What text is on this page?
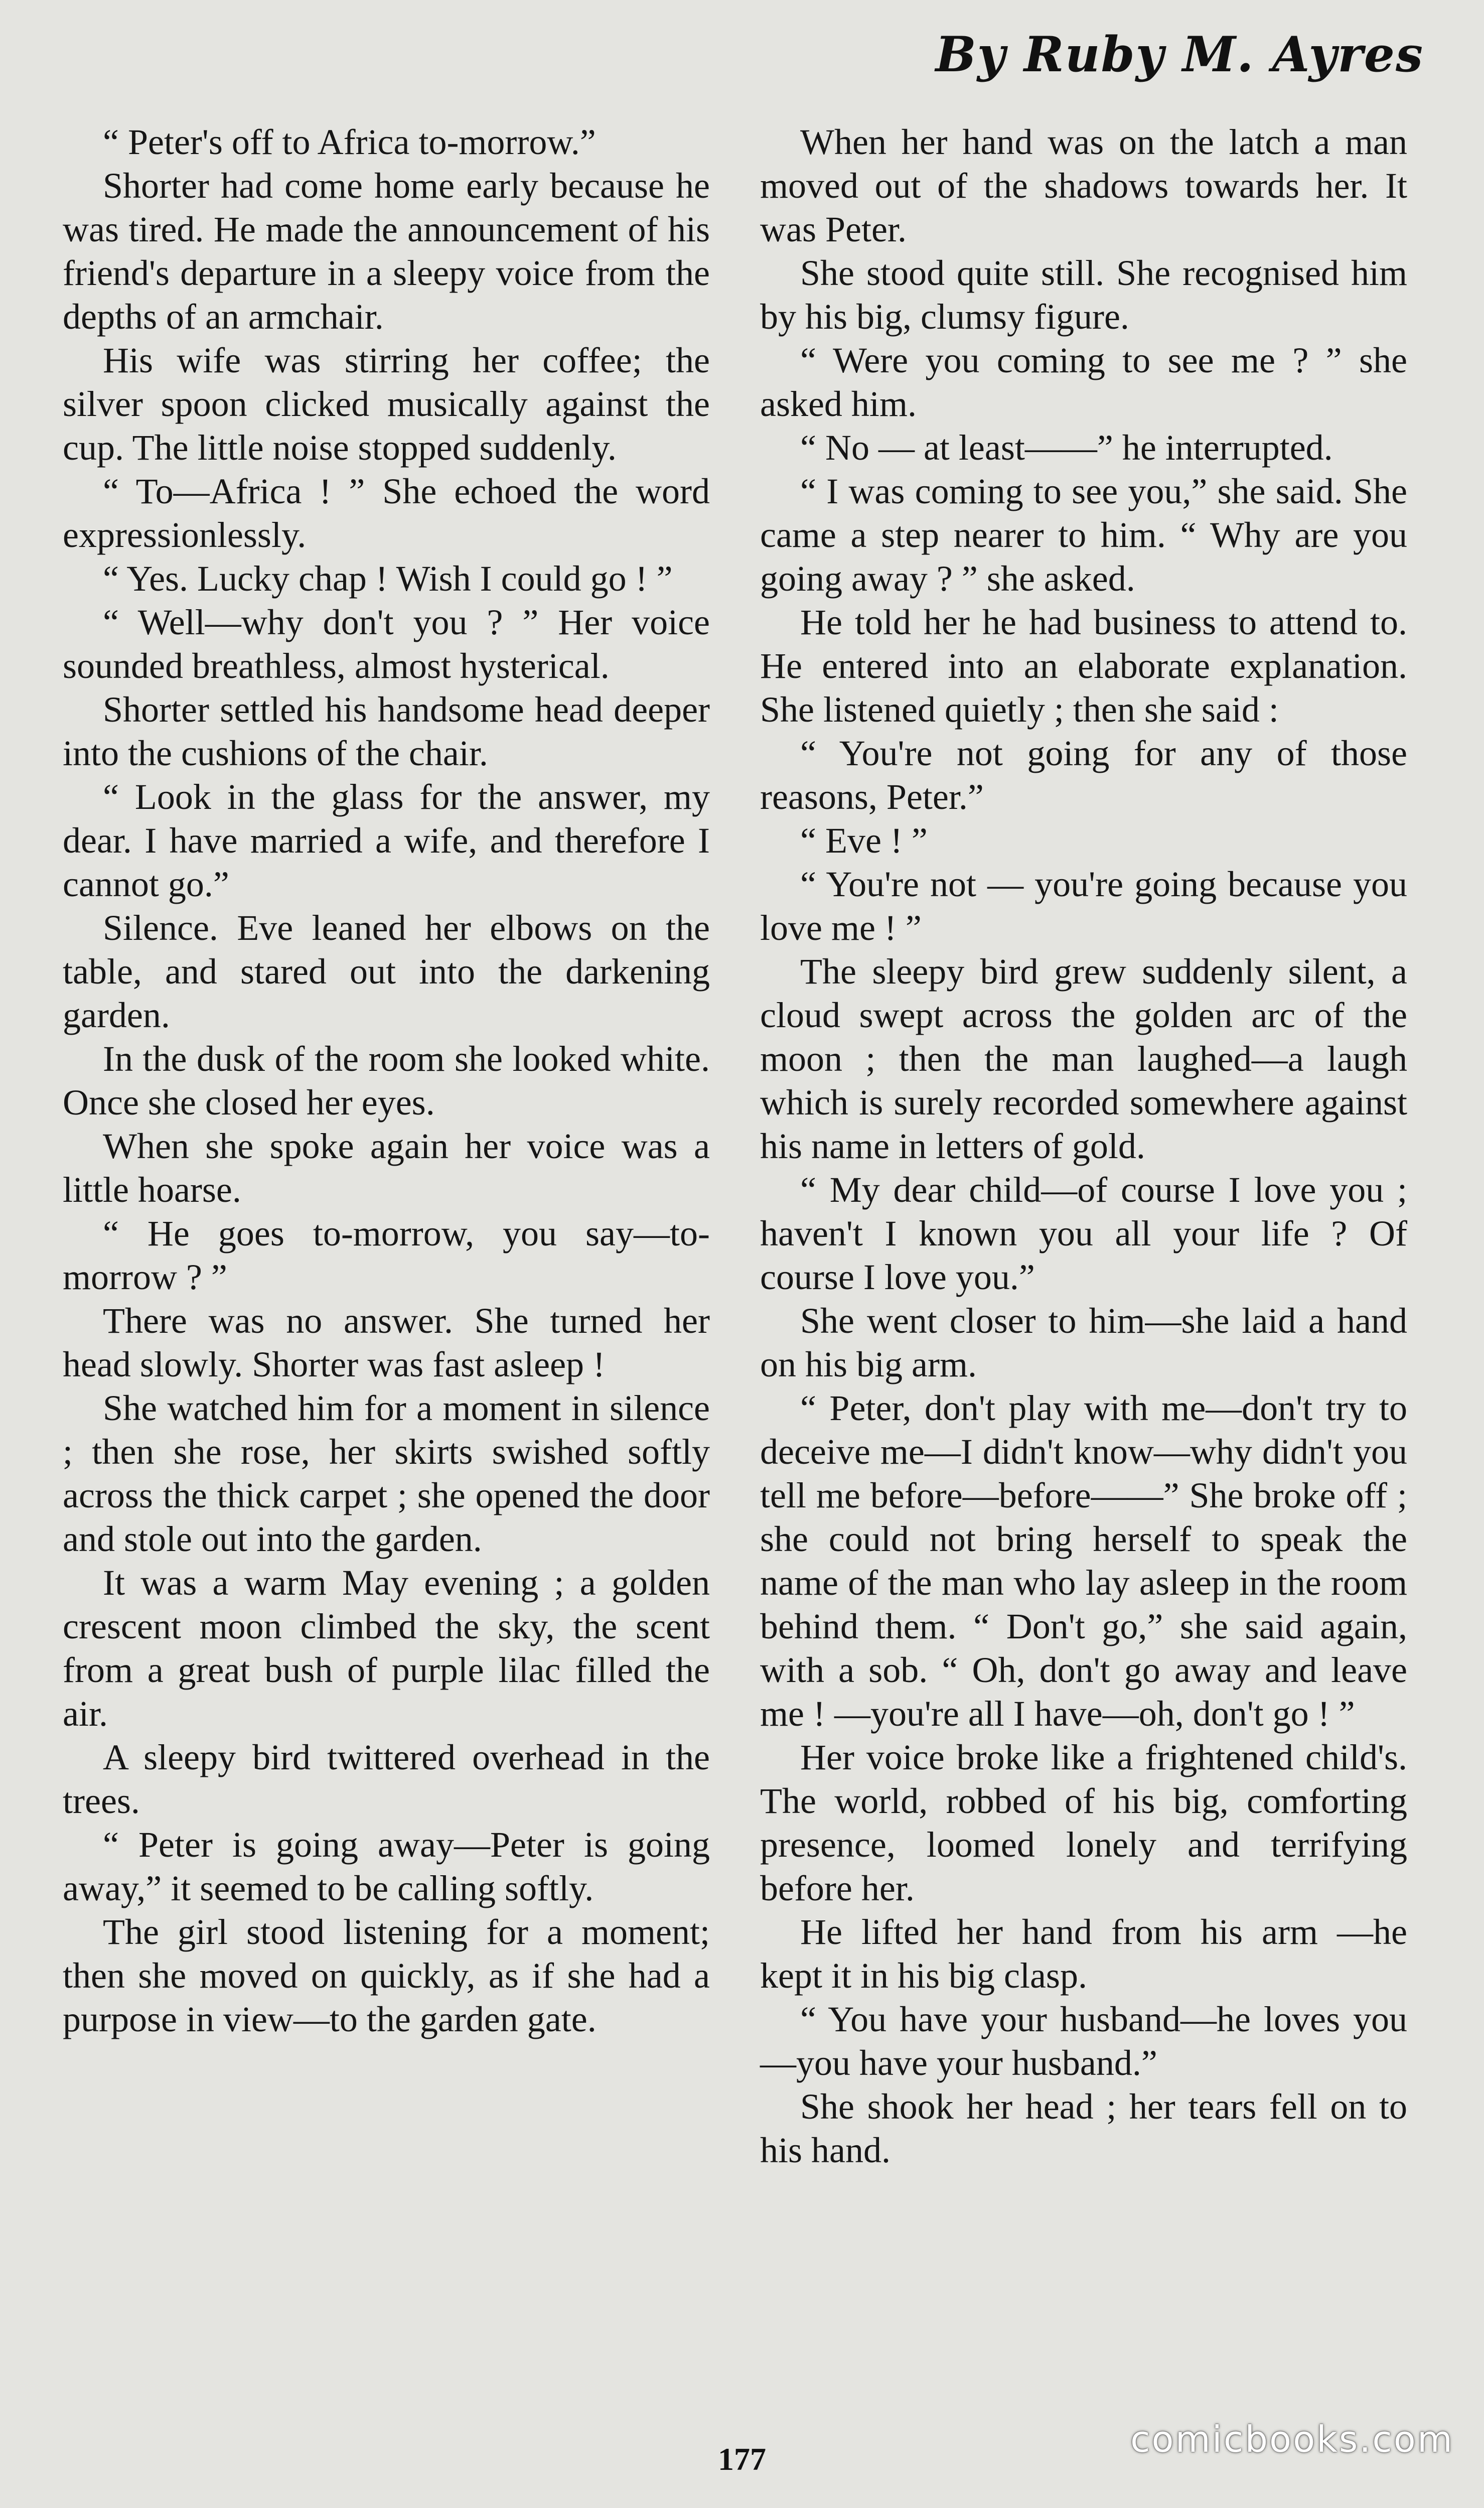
By Ruby M. Ayres

“ Peter's off to Africa to-morrow.”

Shorter had come home early because he was tired. He made the announcement of his friend's departure in a sleepy voice from the depths of an armchair.

His wife was stirring her coffee; the silver spoon clicked musically against the cup. The little noise stopped suddenly.

“ To—Africa ! ” She echoed the word expressionlessly.

“ Yes. Lucky chap ! Wish I could go ! ”

“ Well—why don't you ? ” Her voice sounded breathless, almost hysterical.

Shorter settled his handsome head deeper into the cushions of the chair.

“ Look in the glass for the answer, my dear. I have married a wife, and therefore I cannot go.”

Silence. Eve leaned her elbows on the table, and stared out into the darkening garden.

In the dusk of the room she looked white. Once she closed her eyes.

When she spoke again her voice was a little hoarse.

“ He goes to-morrow, you say—to-morrow ? ”

There was no answer. She turned her head slowly. Shorter was fast asleep !

She watched him for a moment in silence ; then she rose, her skirts swished softly across the thick carpet ; she opened the door and stole out into the garden.

It was a warm May evening ; a golden crescent moon climbed the sky, the scent from a great bush of purple lilac filled the air.

A sleepy bird twittered overhead in the trees.

“ Peter is going away—Peter is going away,” it seemed to be calling softly.

The girl stood listening for a moment; then she moved on quickly, as if she had a purpose in view—to the garden gate.

When her hand was on the latch a man moved out of the shadows towards her. It was Peter.

She stood quite still. She recognised him by his big, clumsy figure.

“ Were you coming to see me ? ” she asked him.

“ No — at least——” he interrupted.

“ I was coming to see you,” she said. She came a step nearer to him. “ Why are you going away ? ” she asked.

He told her he had business to attend to. He entered into an elaborate explanation. She listened quietly ; then she said :

“ You're not going for any of those reasons, Peter.”

“ Eve ! ”

“ You're not — you're going because you love me ! ”

The sleepy bird grew suddenly silent, a cloud swept across the golden arc of the moon ; then the man laughed—a laugh which is surely recorded somewhere against his name in letters of gold.

“ My dear child—of course I love you ; haven't I known you all your life ? Of course I love you.”

She went closer to him—she laid a hand on his big arm.

“ Peter, don't play with me—don't try to deceive me—I didn't know—why didn't you tell me before—before——” She broke off ; she could not bring herself to speak the name of the man who lay asleep in the room behind them. “ Don't go,” she said again, with a sob. “ Oh, don't go away and leave me ! —you're all I have—oh, don't go ! ”

Her voice broke like a frightened child's. The world, robbed of his big, comforting presence, loomed lonely and terrifying before her.

He lifted her hand from his arm —he kept it in his big clasp.

“ You have your husband—he loves you—you have your husband.”

She shook her head ; her tears fell on to his hand.

177	comicbooks.com
